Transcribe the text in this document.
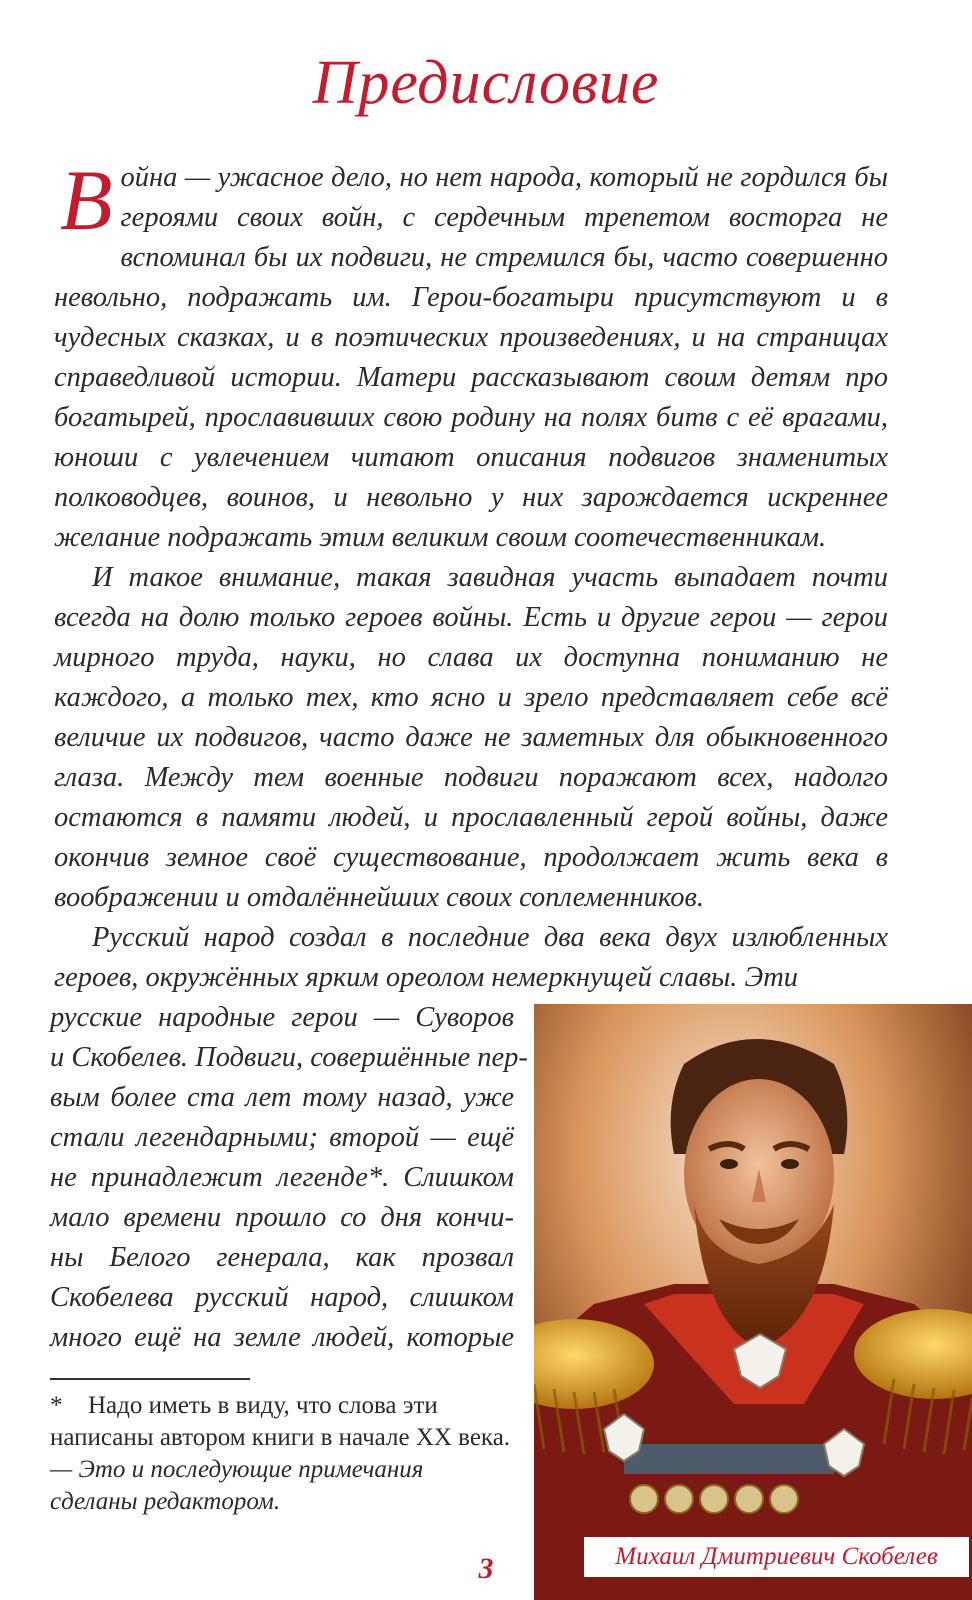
Предисловие

Война — ужасное дело, но нет народа, который не гордился бы героями своих войн, с сердечным трепетом восторга не вспоминал бы их подвиги, не стремился бы, часто совершенно невольно, подражать им. Герои-богатыри присутствуют и в чудесных сказках, и в поэтических произведениях, и на страницах справедливой истории. Матери рассказывают своим детям про богатырей, прославивших свою родину на полях битв с её врагами, юноши с увлечением читают описания подвигов знаменитых полководцев, воинов, и невольно у них зарождается искреннее желание подражать этим великим своим соотечественникам.

И такое внимание, такая завидная участь выпадает почти всегда на долю только героев войны. Есть и другие герои — герои мирного труда, науки, но слава их доступна пониманию не каждого, а только тех, кто ясно и зрело представляет себе всё величие их подвигов, часто даже не заметных для обыкновенного глаза. Между тем военные подвиги поражают всех, надолго остаются в памяти людей, и прославленный герой войны, даже окончив земное своё существование, продолжает жить века в воображении и отдалённейших своих соплеменников.

Русский народ создал в последние два века двух излюбленных героев, окружённых ярким ореолом немеркнущей славы. Эти

русские народные герои — Суворов
и Скобелев. Подвиги, совершённые пер-
вым более ста лет тому назад, уже
стали легендарными; второй — ещё
не принадлежит легенде*. Слишком
мало времени прошло со дня кончи-
ны Белого генерала, как прозвал
Скобелева русский народ, слишком
много ещё на земле людей, которые
* Надо иметь в виду, что слова эти написаны автором книги в начале XX века.— Это и последующие примечания сделаны редактором.
3	Михаил Дмитриевич Скобелев
